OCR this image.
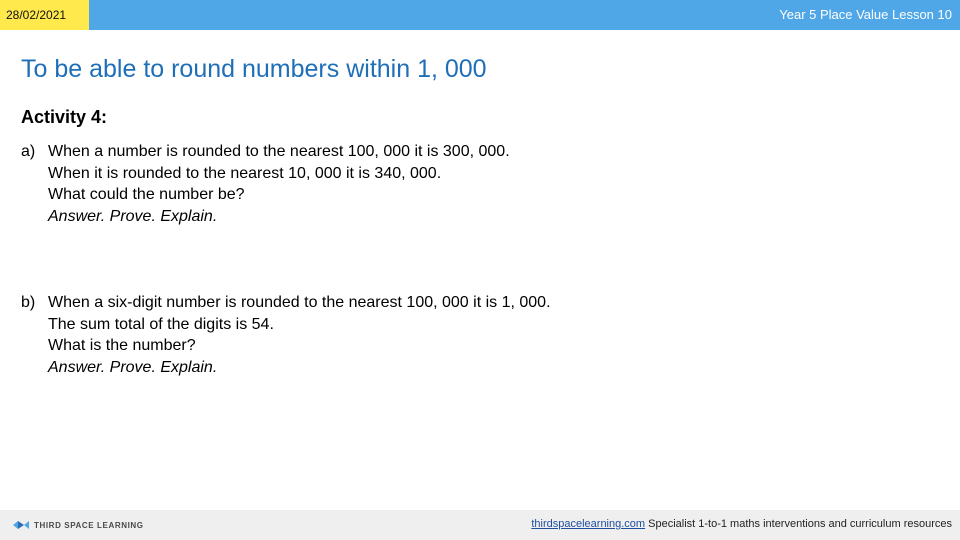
28/02/2021	Year 5 Place Value Lesson 10
To be able to round numbers within 1, 000
Activity 4:
a) When a number is rounded to the nearest 100, 000 it is 300, 000.
When it is rounded to the nearest 10, 000 it is 340, 000.
What could the number be?
Answer. Prove. Explain.
b) When a six-digit number is rounded to the nearest 100, 000 it is 1, 000.
The sum total of the digits is 54.
What is the number?
Answer. Prove. Explain.
THIRD SPACE LEARNING	thirdspacelearning.com Specialist 1-to-1 maths interventions and curriculum resources
